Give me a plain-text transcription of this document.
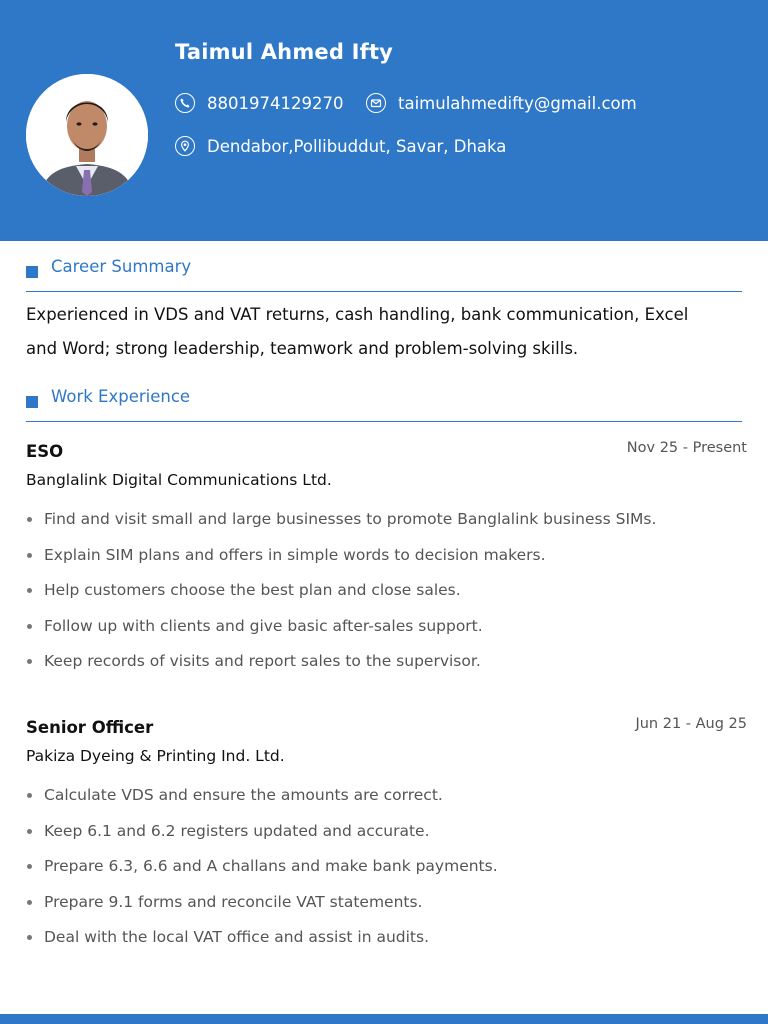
Taimul Ahmed Ifty
8801974129270	taimulahmedifty@gmail.com
Dendabor,Pollibuddut, Savar, Dhaka
Career Summary
Experienced in VDS and VAT returns, cash handling, bank communication, Excel
and Word; strong leadership, teamwork and problem-solving skills.
Work Experience
ESO	Nov 25 - Present
Banglalink Digital Communications Ltd.
Find and visit small and large businesses to promote Banglalink business SIMs.
Explain SIM plans and offers in simple words to decision makers.
Help customers choose the best plan and close sales.
Follow up with clients and give basic after-sales support.
Keep records of visits and report sales to the supervisor.
Senior Officer	Jun 21 - Aug 25
Pakiza Dyeing & Printing Ind. Ltd.
Calculate VDS and ensure the amounts are correct.
Keep 6.1 and 6.2 registers updated and accurate.
Prepare 6.3, 6.6 and A challans and make bank payments.
Prepare 9.1 forms and reconcile VAT statements.
Deal with the local VAT office and assist in audits.
